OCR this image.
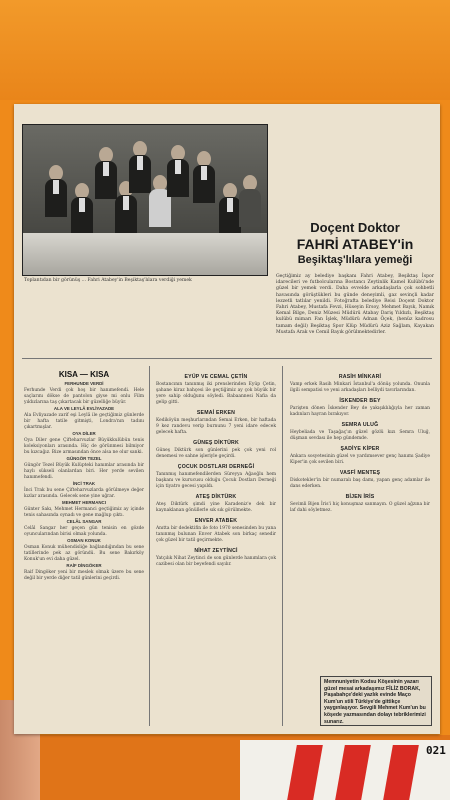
021
Toplantıdan bir görünüş ... Fahri Atabey'in Beşiktaş'lılara verdiği yemek
Doçent Doktor
FAHRİ ATABEY'in
Beşiktaş'lılara yemeği
Geçtiğimiz ay belediye başkanı Fahri Atabey, Beşiktaş İspor idarecileri ve futbolcularına Bostancı Zeytinlik Kamel Kulübü'nde güzel bir yemek verdi. Daha evvelde arkadaşlarla çok sohbetli havasında görüştükleri bu günde deneyimli, gaz sevinçli kadar lezzetli tatlılar yenildi. Fotoğrafta belediye Reisi Doçent Doktor Fahri Atabey, Mustafa Fevzi, Hüseyin Ersoy, Mehmet Bayık, Namık Kemal Bilge, Deniz Müzesi Müdürü Atabay Dariş Yıldızlı, Beşiktaş kulübü mimarı Fan İşlek, Müdürü Adnan Öçek, (henüz kadrosu tamam değil) Beşiktaş Spor Klüp Müdürü Aziz Sağlam, Kayakan Mustafa Arak ve Cemil Bayık görülmektedirler.
KISA — KISA
FERHUNDE VERDİ
Ferhunde Verdi çok hoş bir hanımefendi. Hele saçlarını dökse de pantolon giyse mi onlu Film yıldızlarına taş çıkartacak bir güzelliğe büyür.
ALA VE LEYLÂ EVLİYAZADE
Ala Evliyazade zarif eşi Leylâ ile geçtiğimiz günlerde bir hafta tatile gitmişti, Londra'nın tadını çıkartmışlar.
OYA DİLER
Oya Diler gene Çifteharvuzlar Büyükkulübün tenis koleksiyonları arasında. Hiç de görünmesi bilmiyor bu kızcağız. Bize armasından önce alsa ne olur sanki.
GÜNGÖR TEZEL
Güngör Tezel Büyük Kulüpteki hanımlar arasında bir haylı sükseli olanlardan biri. Her yerde sevilen hanımefendi.
İNCİ TRAK
İnci Trak bu sene Çifteharvuzlarda görülmeye değer kızlar arasında. Gelecek sene yine uğrar.
MEHMET HERMANCI
Günter Sakı, Mehmet Hermanci geçtiğimiz ay içinde tenis sahasında oynadı ve gene mağlup çıktı.
CELÂL SANGAR
Celâl Sangar her geçen gün tenisin en gözde oyuncularından birisi olmak yolunda.
OSMAN KONUK
Osman Konuk mühendisliğe bağlandığından bu sene tatillerinde pek az göründü. Bu sene Bakırköy Konuk'un evi daha güzel.
RAİF DİNGÖKER
Raif Dingöker yeni bir meslek olmak üzere bu sene değil bir yerde diğer tatil günlerini geçirdi.
EYÜP VE CEMAL ÇETİN
Bostancının tanınmış iki prenslerinden Eyüp Çetin, şahane kiraz bahçesi ile geçtiğimiz ay çok büyük bir yere sahip olduğunu söyledi. Babaannesi Nafia da gelip gitti.
SEMAİ ERKEN
Kediköyün meşhurlarından Semai Erken, bir haftada 9 kez randevu verip burnunu 7 yeni idare edecek gelecek hafta.
GÜNEŞ DİKTÜRK
Güneş Diktürk son günlerini pek çok yeni rol denemesi ve sahne işleriyle geçirdi.
ÇOCUK DOSTLARI DERNEĞİ
Tanınmış hanımefendilerden Süreyya Ağaoğlu hem başkanı ve kurucusu olduğu Çocuk Dostları Derneği için tiyatro gecesi yapıldı.
ATEŞ DİKTÜRK
Ateş Diktürk şimdi yine Karadeniz'e dek bir kaynaklanan gönüllerle sık sık görülmekte.
ENVER ATABEK
Anıtta bir dedektifin ile foto 1970 senesinden bu yana tanınmış bulunan Enver Atabek son birkaç senedir çok güzel bir tatil geçirmekte.
NİHAT ZEYTİNCİ
Yatçılık Nihat Zeytinci de son günlerde hanımlara çok cazibesi olan bir beyefendi sayılır.
RASİH MİNKARİ
Vamp erkek Rasih Minkari İstanbul'a dönüş yolunda. Onunla ilgili sempatisi ve yeni arkadaşları belliydi tavırlarından.
İSKENDER BEY
Parişten dönen İskender Bey de yakışıklılığıyla her zaman kadınları hayran bırakıyor.
SEMRA ULUĞ
Heybeliada ve Taşağaç'ın güzel gözlü kızı Semra Uluğ, düşman sevdası ile hep gündemde.
ŞADİYE KİPER
Ankara sosyetesinin güzel ve yardımsever genç hanımı Şadiye Kiper'in çok sevilen biri.
VASFİ MENTEŞ
Diskotekler'in bir numaralı baş damı, yapan genç adamlar ile dans ederken.
BİJEN İRİS
Sevimli Bijen İris'i hiç konuşmaz sanmayın. O güzel ağzına bir laf dahi söyletmez.
Memnuniyetin Kodsu Köşesinin yazarı güzel mesai arkadaşımız FİLİZ BORAK, Paşabahçe'deki yazlık evinde Maço Kum'un stili Türkiye'de gittikçe yaygınlaşıyor. Sevgili Mehmet Kum'un bu köşede yazmasından dolayı tebriklerimizi sunarız.
